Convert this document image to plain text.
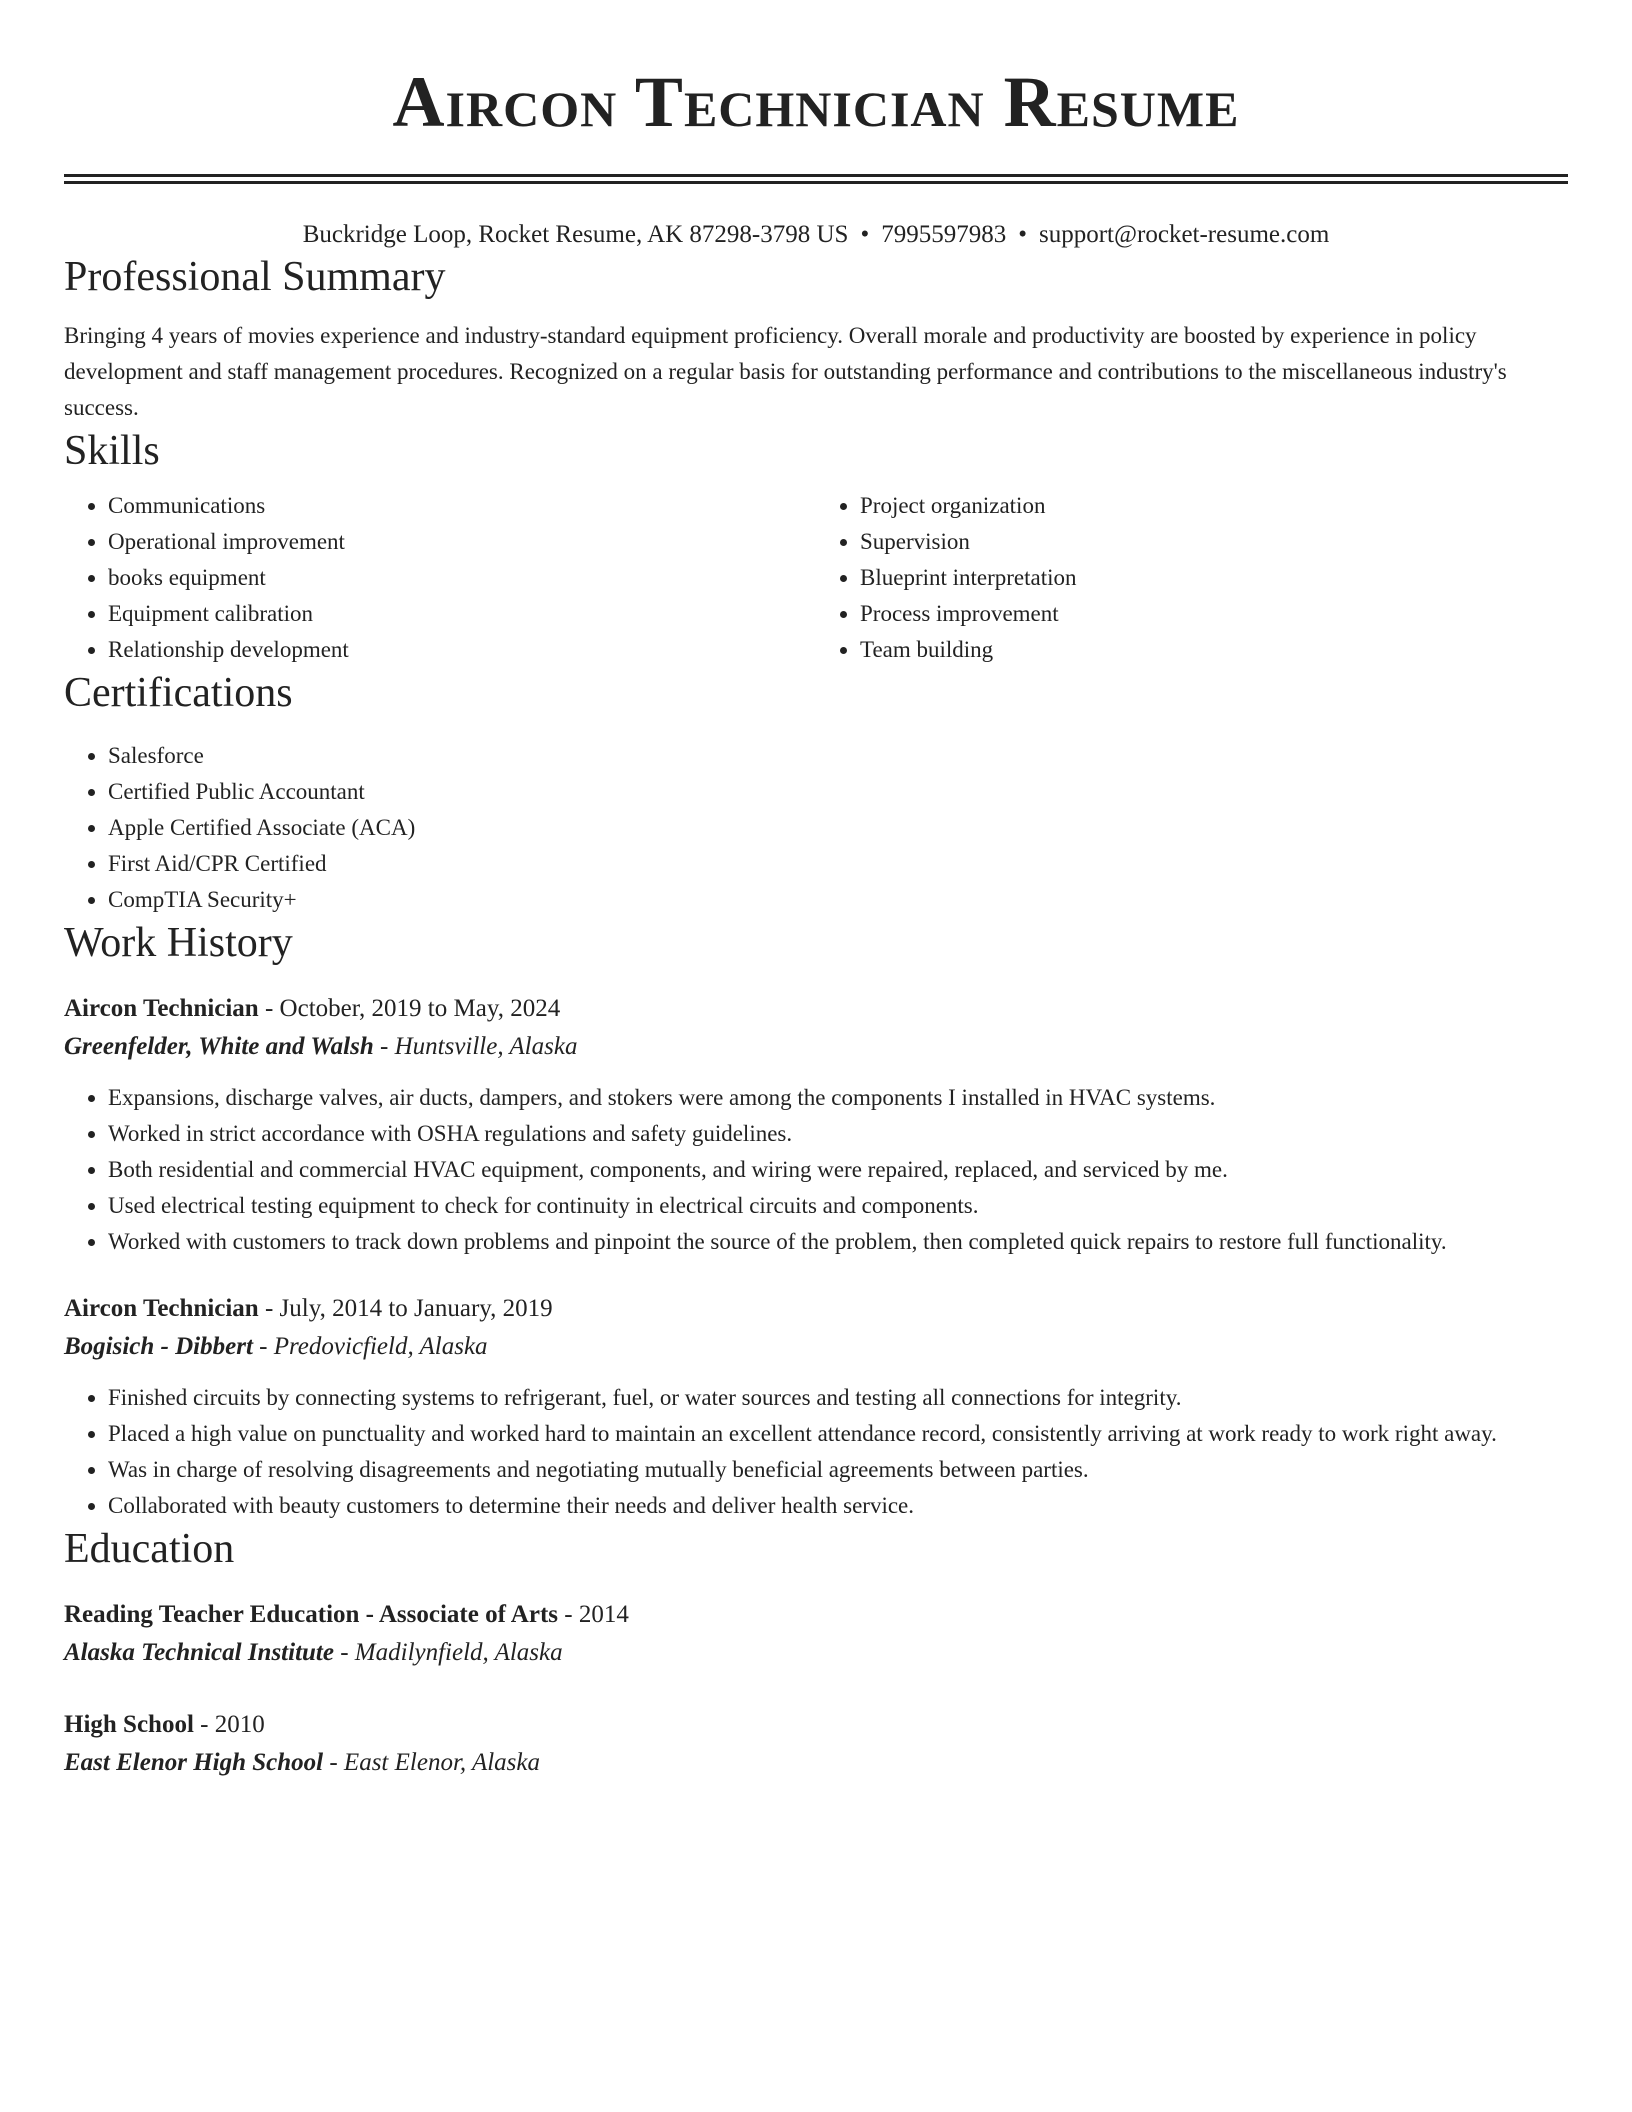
Aircon Technician Resume
Buckridge Loop, Rocket Resume, AK 87298-3798 US • 7995597983 • support@rocket-resume.com
Professional Summary

Bringing 4 years of movies experience and industry-standard equipment proficiency. Overall morale and productivity are boosted by experience in policy development and staff management procedures. Recognized on a regular basis for outstanding performance and contributions to the miscellaneous industry's success.

Skills
• Communications
• Operational improvement
• books equipment
• Equipment calibration
• Relationship development
• Project organization
• Supervision
• Blueprint interpretation
• Process improvement
• Team building
Certifications
• Salesforce
• Certified Public Accountant
• Apple Certified Associate (ACA)
• First Aid/CPR Certified
• CompTIA Security+
Work History
Aircon Technician - October, 2019 to May, 2024
Greenfelder, White and Walsh - Huntsville, Alaska
• Expansions, discharge valves, air ducts, dampers, and stokers were among the components I installed in HVAC systems.
• Worked in strict accordance with OSHA regulations and safety guidelines.
• Both residential and commercial HVAC equipment, components, and wiring were repaired, replaced, and serviced by me.
• Used electrical testing equipment to check for continuity in electrical circuits and components.
• Worked with customers to track down problems and pinpoint the source of the problem, then completed quick repairs to restore full functionality.
Aircon Technician - July, 2014 to January, 2019
Bogisich - Dibbert - Predovicfield, Alaska
• Finished circuits by connecting systems to refrigerant, fuel, or water sources and testing all connections for integrity.
• Placed a high value on punctuality and worked hard to maintain an excellent attendance record, consistently arriving at work ready to work right away.
• Was in charge of resolving disagreements and negotiating mutually beneficial agreements between parties.
• Collaborated with beauty customers to determine their needs and deliver health service.
Education
Reading Teacher Education - Associate of Arts - 2014
Alaska Technical Institute - Madilynfield, Alaska
High School - 2010
East Elenor High School - East Elenor, Alaska
